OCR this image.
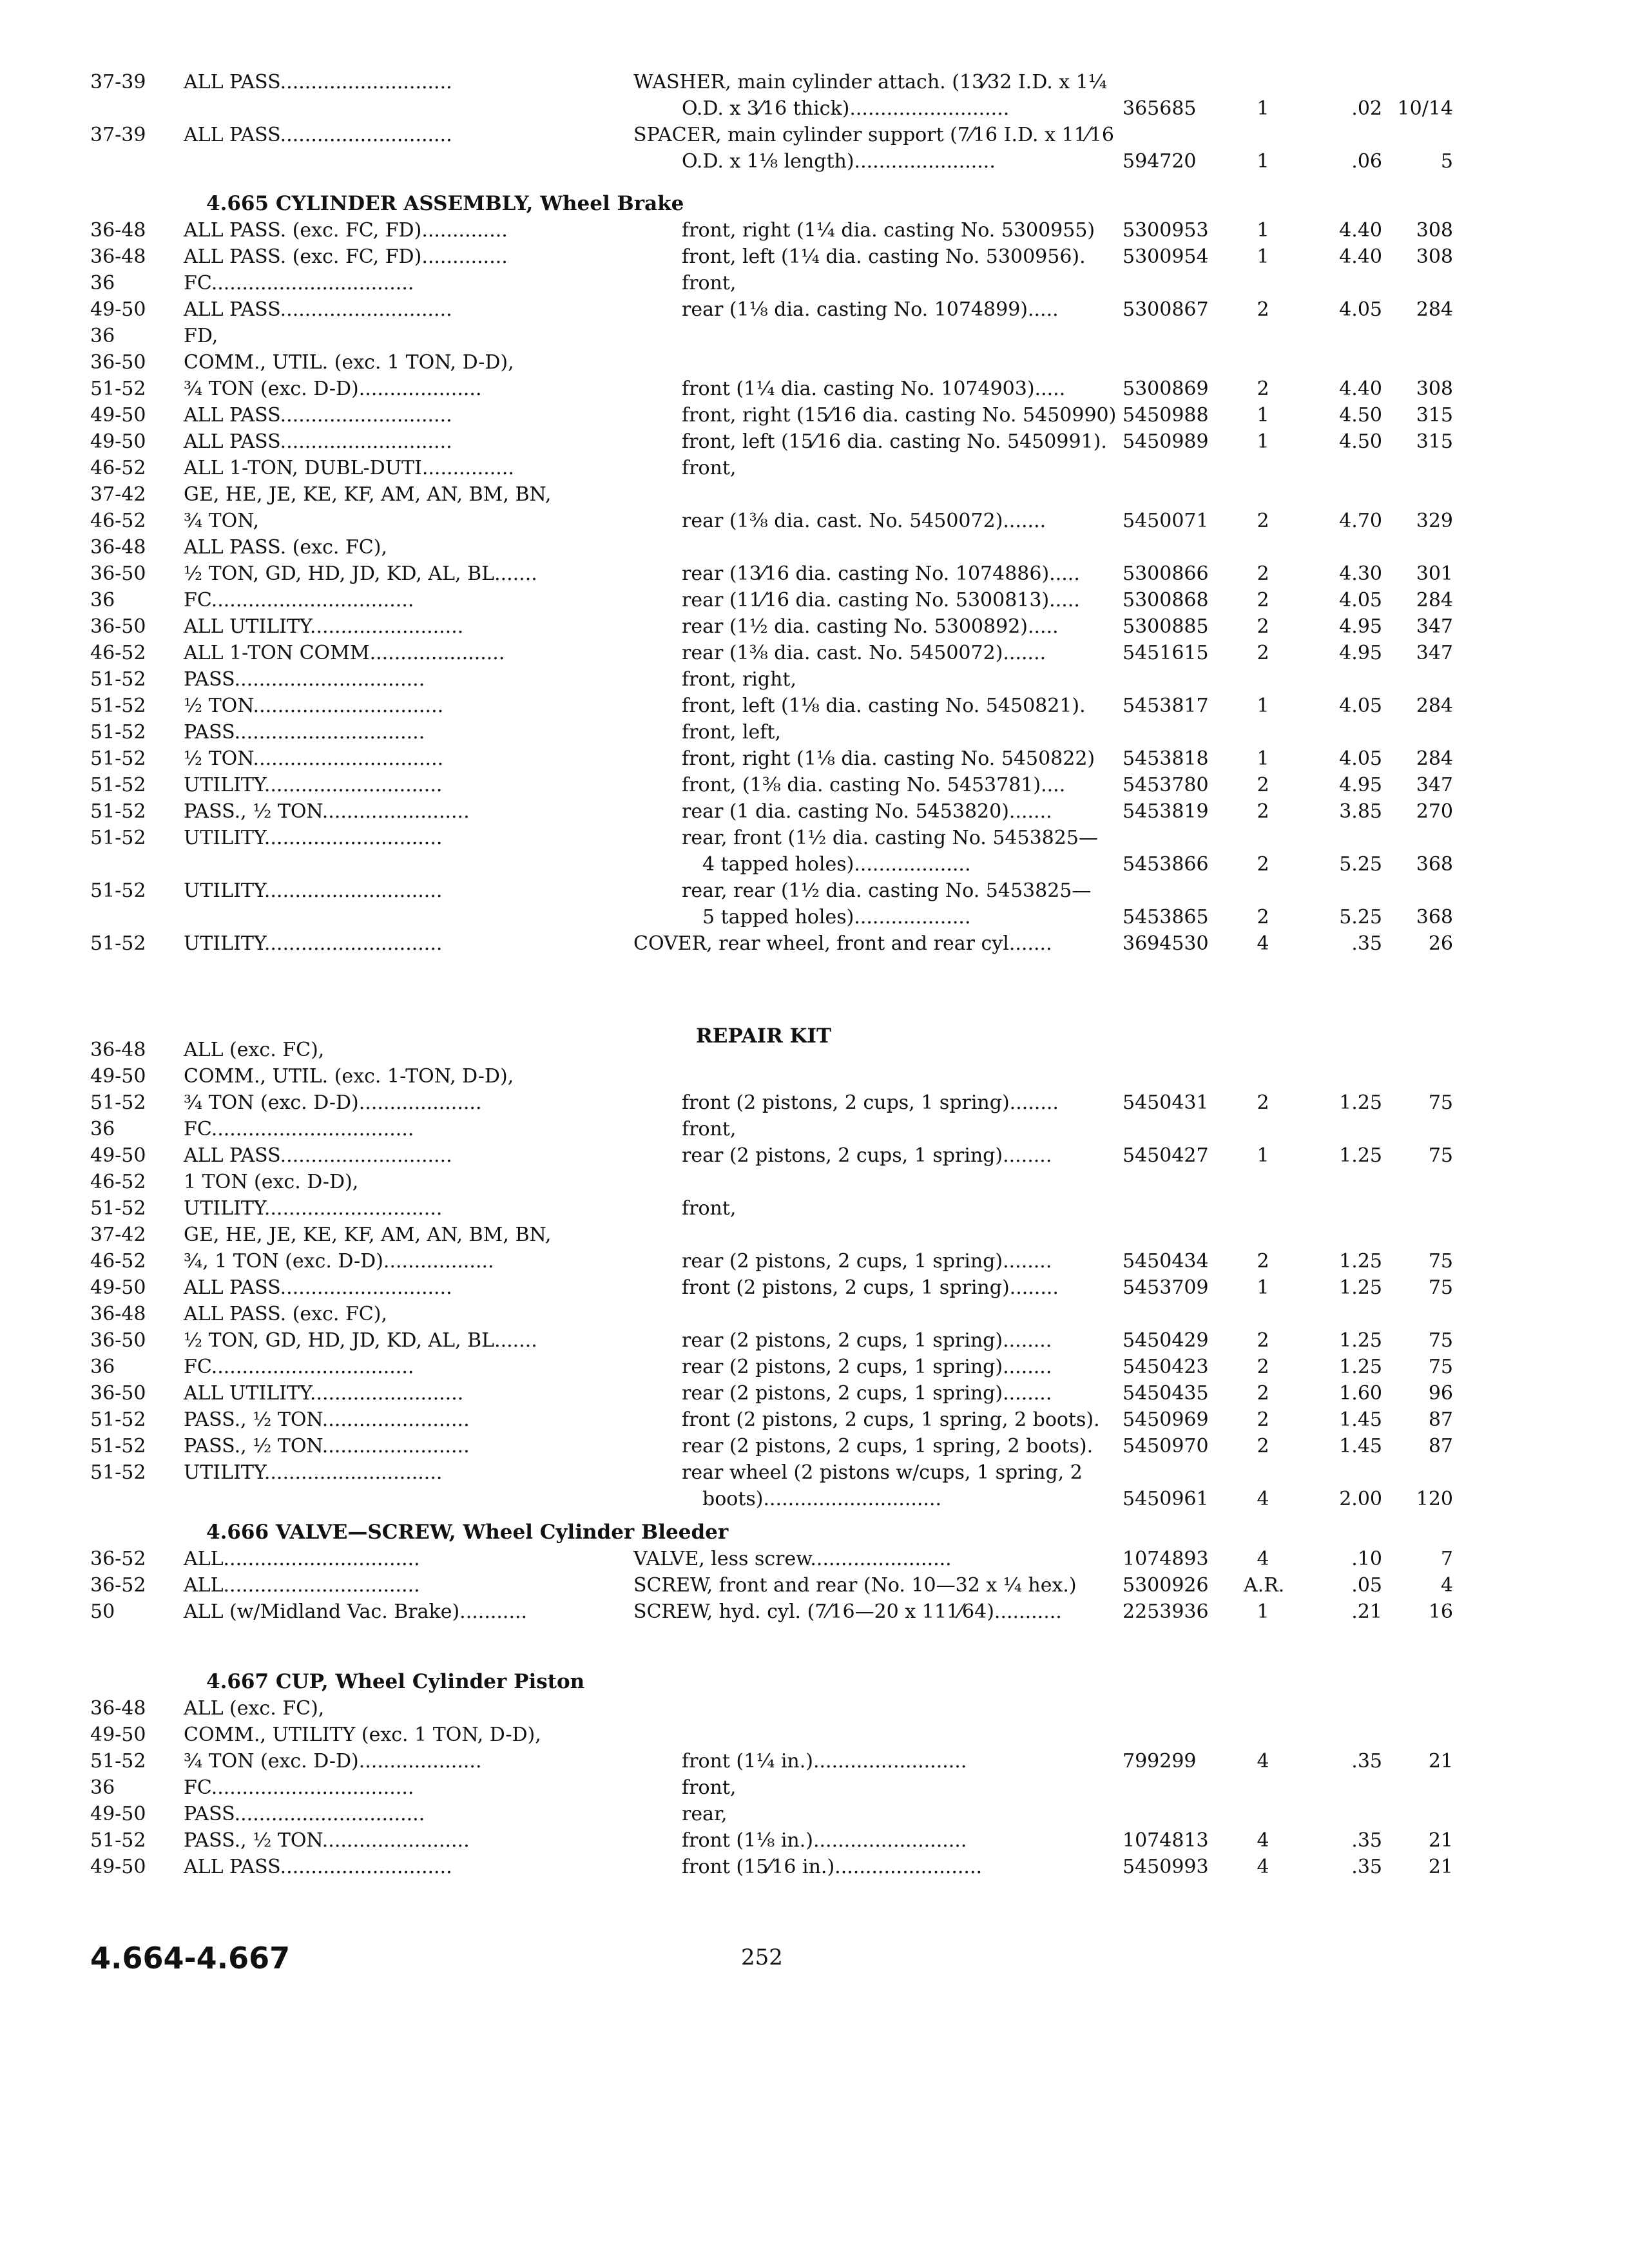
37-39 ALL PASS............................	WASHER, main cylinder attach. (13⁄32 I.D. x 1¼
O.D. x 3⁄16 thick)..........................	365685	1	.02 10/14
37-39 ALL PASS............................	SPACER, main cylinder support (7⁄16 I.D. x 11⁄16
O.D. x 1⅛ length).......................	594720	1	.06	5
4.665 CYLINDER ASSEMBLY, Wheel Brake
36-48 ALL PASS. (exc. FC, FD)..............	front, right (1¼ dia. casting No. 5300955) 5300953	1	4.40	308
36-48 ALL PASS. (exc. FC, FD)..............	front, left (1¼ dia. casting No. 5300956). 5300954	1	4.40	308
36	FC.................................	front,
49-50 ALL PASS............................	rear (1⅛ dia. casting No. 1074899).....	5300867	2	4.05	284
36	FD,
36-50 COMM., UTIL. (exc. 1 TON, D-D),
51-52 ¾ TON (exc. D-D)....................	front (1¼ dia. casting No. 1074903).....	5300869	2	4.40	308
49-50 ALL PASS............................	front, right (15⁄16 dia. casting No. 5450990) 5450988	1	4.50	315
49-50 ALL PASS............................	front, left (15⁄16 dia. casting No. 5450991). 5450989	1	4.50	315
46-52 ALL 1-TON, DUBL-DUTI...............	front,
37-42 GE, HE, JE, KE, KF, AM, AN, BM, BN,
46-52 ¾ TON,	rear (1⅜ dia. cast. No. 5450072).......	5450071	2	4.70	329
36-48 ALL PASS. (exc. FC),
36-50 ½ TON, GD, HD, JD, KD, AL, BL.......	rear (13⁄16 dia. casting No. 1074886)..... 5300866	2	4.30	301
36	FC.................................	rear (11⁄16 dia. casting No. 5300813)..... 5300868	2	4.05	284
36-50 ALL UTILITY.........................	rear (1½ dia. casting No. 5300892).....	5300885	2	4.95	347
46-52 ALL 1-TON COMM......................	rear (1⅜ dia. cast. No. 5450072).......	5451615	2	4.95	347
51-52 PASS...............................	front, right,
51-52 ½ TON...............................	front, left (1⅛ dia. casting No. 5450821). 5453817	1	4.05	284
51-52 PASS...............................	front, left,
51-52 ½ TON...............................	front, right (1⅛ dia. casting No. 5450822) 5453818	1	4.05	284
51-52 UTILITY.............................	front, (1⅜ dia. casting No. 5453781)....	5453780	2	4.95	347
51-52 PASS., ½ TON........................	rear (1 dia. casting No. 5453820).......	5453819	2	3.85	270
51-52 UTILITY.............................	rear, front (1½ dia. casting No. 5453825—
4 tapped holes)...................	5453866	2	5.25	368
51-52 UTILITY.............................	rear, rear (1½ dia. casting No. 5453825—
5 tapped holes)...................	5453865	2	5.25	368
51-52 UTILITY.............................	COVER, rear wheel, front and rear cyl.......	3694530	4	.35	26
REPAIR KIT
36-48 ALL (exc. FC),
49-50 COMM., UTIL. (exc. 1-TON, D-D),
51-52 ¾ TON (exc. D-D)....................	front (2 pistons, 2 cups, 1 spring)........	5450431	2	1.25	75
36	FC.................................	front,
49-50 ALL PASS............................	rear (2 pistons, 2 cups, 1 spring)........	5450427	1	1.25	75
46-52 1 TON (exc. D-D),
51-52 UTILITY.............................	front,
37-42 GE, HE, JE, KE, KF, AM, AN, BM, BN,
46-52 ¾, 1 TON (exc. D-D)..................	rear (2 pistons, 2 cups, 1 spring)........	5450434	2	1.25	75
49-50 ALL PASS............................	front (2 pistons, 2 cups, 1 spring)........	5453709	1	1.25	75
36-48 ALL PASS. (exc. FC),
36-50 ½ TON, GD, HD, JD, KD, AL, BL.......	rear (2 pistons, 2 cups, 1 spring)........	5450429	2	1.25	75
36	FC.................................	rear (2 pistons, 2 cups, 1 spring)........	5450423	2	1.25	75
36-50 ALL UTILITY.........................	rear (2 pistons, 2 cups, 1 spring)........	5450435	2	1.60	96
51-52 PASS., ½ TON........................	front (2 pistons, 2 cups, 1 spring, 2 boots). 5450969	2	1.45	87
51-52 PASS., ½ TON........................	rear (2 pistons, 2 cups, 1 spring, 2 boots). 5450970	2	1.45	87
51-52 UTILITY.............................	rear wheel (2 pistons w/cups, 1 spring, 2
boots).............................	5450961	4	2.00	120
4.666 VALVE—SCREW, Wheel Cylinder Bleeder
36-52 ALL................................	VALVE, less screw.......................	1074893	4	.10	7
36-52 ALL................................	SCREW, front and rear (No. 10—32 x ¼ hex.) 5300926 A.R.	.05	4
50	ALL (w/Midland Vac. Brake)...........	SCREW, hyd. cyl. (7⁄16—20 x 111⁄64)...........	2253936	1	.21	16
4.667 CUP, Wheel Cylinder Piston
36-48 ALL (exc. FC),
49-50 COMM., UTILITY (exc. 1 TON, D-D),
51-52 ¾ TON (exc. D-D)....................	front (1¼ in.).........................	799299	4	.35	21
36	FC.................................	front,
49-50 PASS...............................	rear,
51-52 PASS., ½ TON........................	front (1⅛ in.).........................	1074813	4	.35	21
49-50 ALL PASS............................	front (15⁄16 in.)........................	5450993	4	.35	21
4.664-4.667	252
